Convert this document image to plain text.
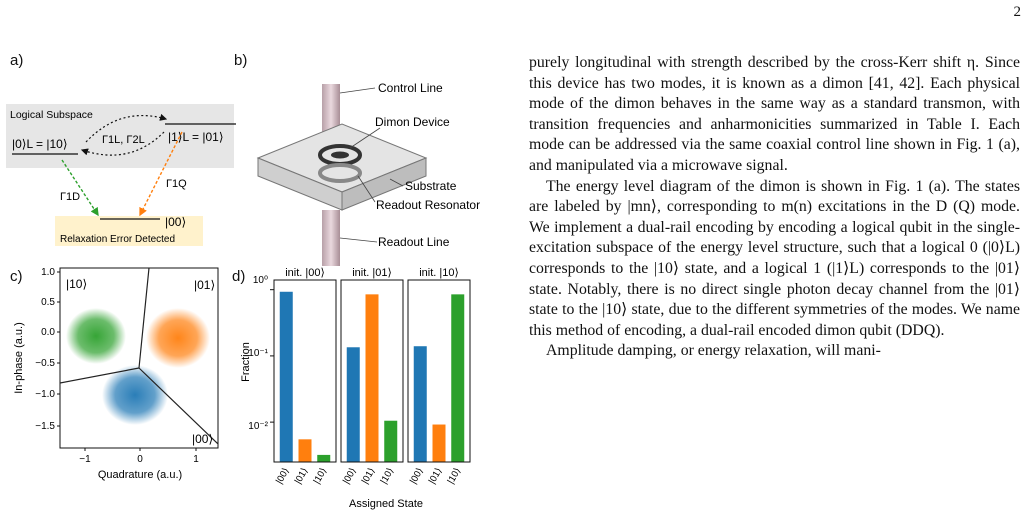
2
a)	b)
c)	d)
Logical Subspace
|0⟩L = |10⟩	|1⟩L = |01⟩
Γ1L, Γ2L
|00⟩
Relaxation Error Detected
Γ1D
Γ1Q
Control Line
Dimon Device
Substrate
Readout Resonator
Readout Line
|10⟩	|01⟩
|00⟩
1.0
0.5
0.0
−0.5
−1.0
−1.5
−1	0	1
Quadrature (a.u.)
In-phase (a.u.)	Fraction
Assigned State
10⁰
10⁻¹
10⁻²
init. |00⟩
|00⟩ |01⟩ |10⟩
init. |01⟩
|00⟩ |01⟩ |10⟩
init. |10⟩
|00⟩ |01⟩ |10⟩

purely longitudinal with strength described by the cross-Kerr shift η. Since this device has two modes, it is known as a dimon [41, 42]. Each physical mode of the dimon behaves in the same way as a standard transmon, with transition frequencies and anharmonicities summarized in Table I. Each mode can be addressed via the same coaxial control line shown in Fig. 1 (a), and manipulated via a microwave signal.

The energy level diagram of the dimon is shown in Fig. 1 (a). The states are labeled by |mn⟩, corresponding to m(n) excitations in the D (Q) mode. We implement a dual-rail encoding by encoding a logical qubit in the single-excitation subspace of the energy level structure, such that a logical 0 (|0⟩L) corresponds to the |10⟩ state, and a logical 1 (|1⟩L) corresponds to the |01⟩ state. Notably, there is no direct single photon decay channel from the |01⟩ state to the |10⟩ state, due to the different symmetries of the modes. We name this method of encoding, a dual-rail encoded dimon qubit (DDQ).

Amplitude damping, or energy relaxation, will mani-
